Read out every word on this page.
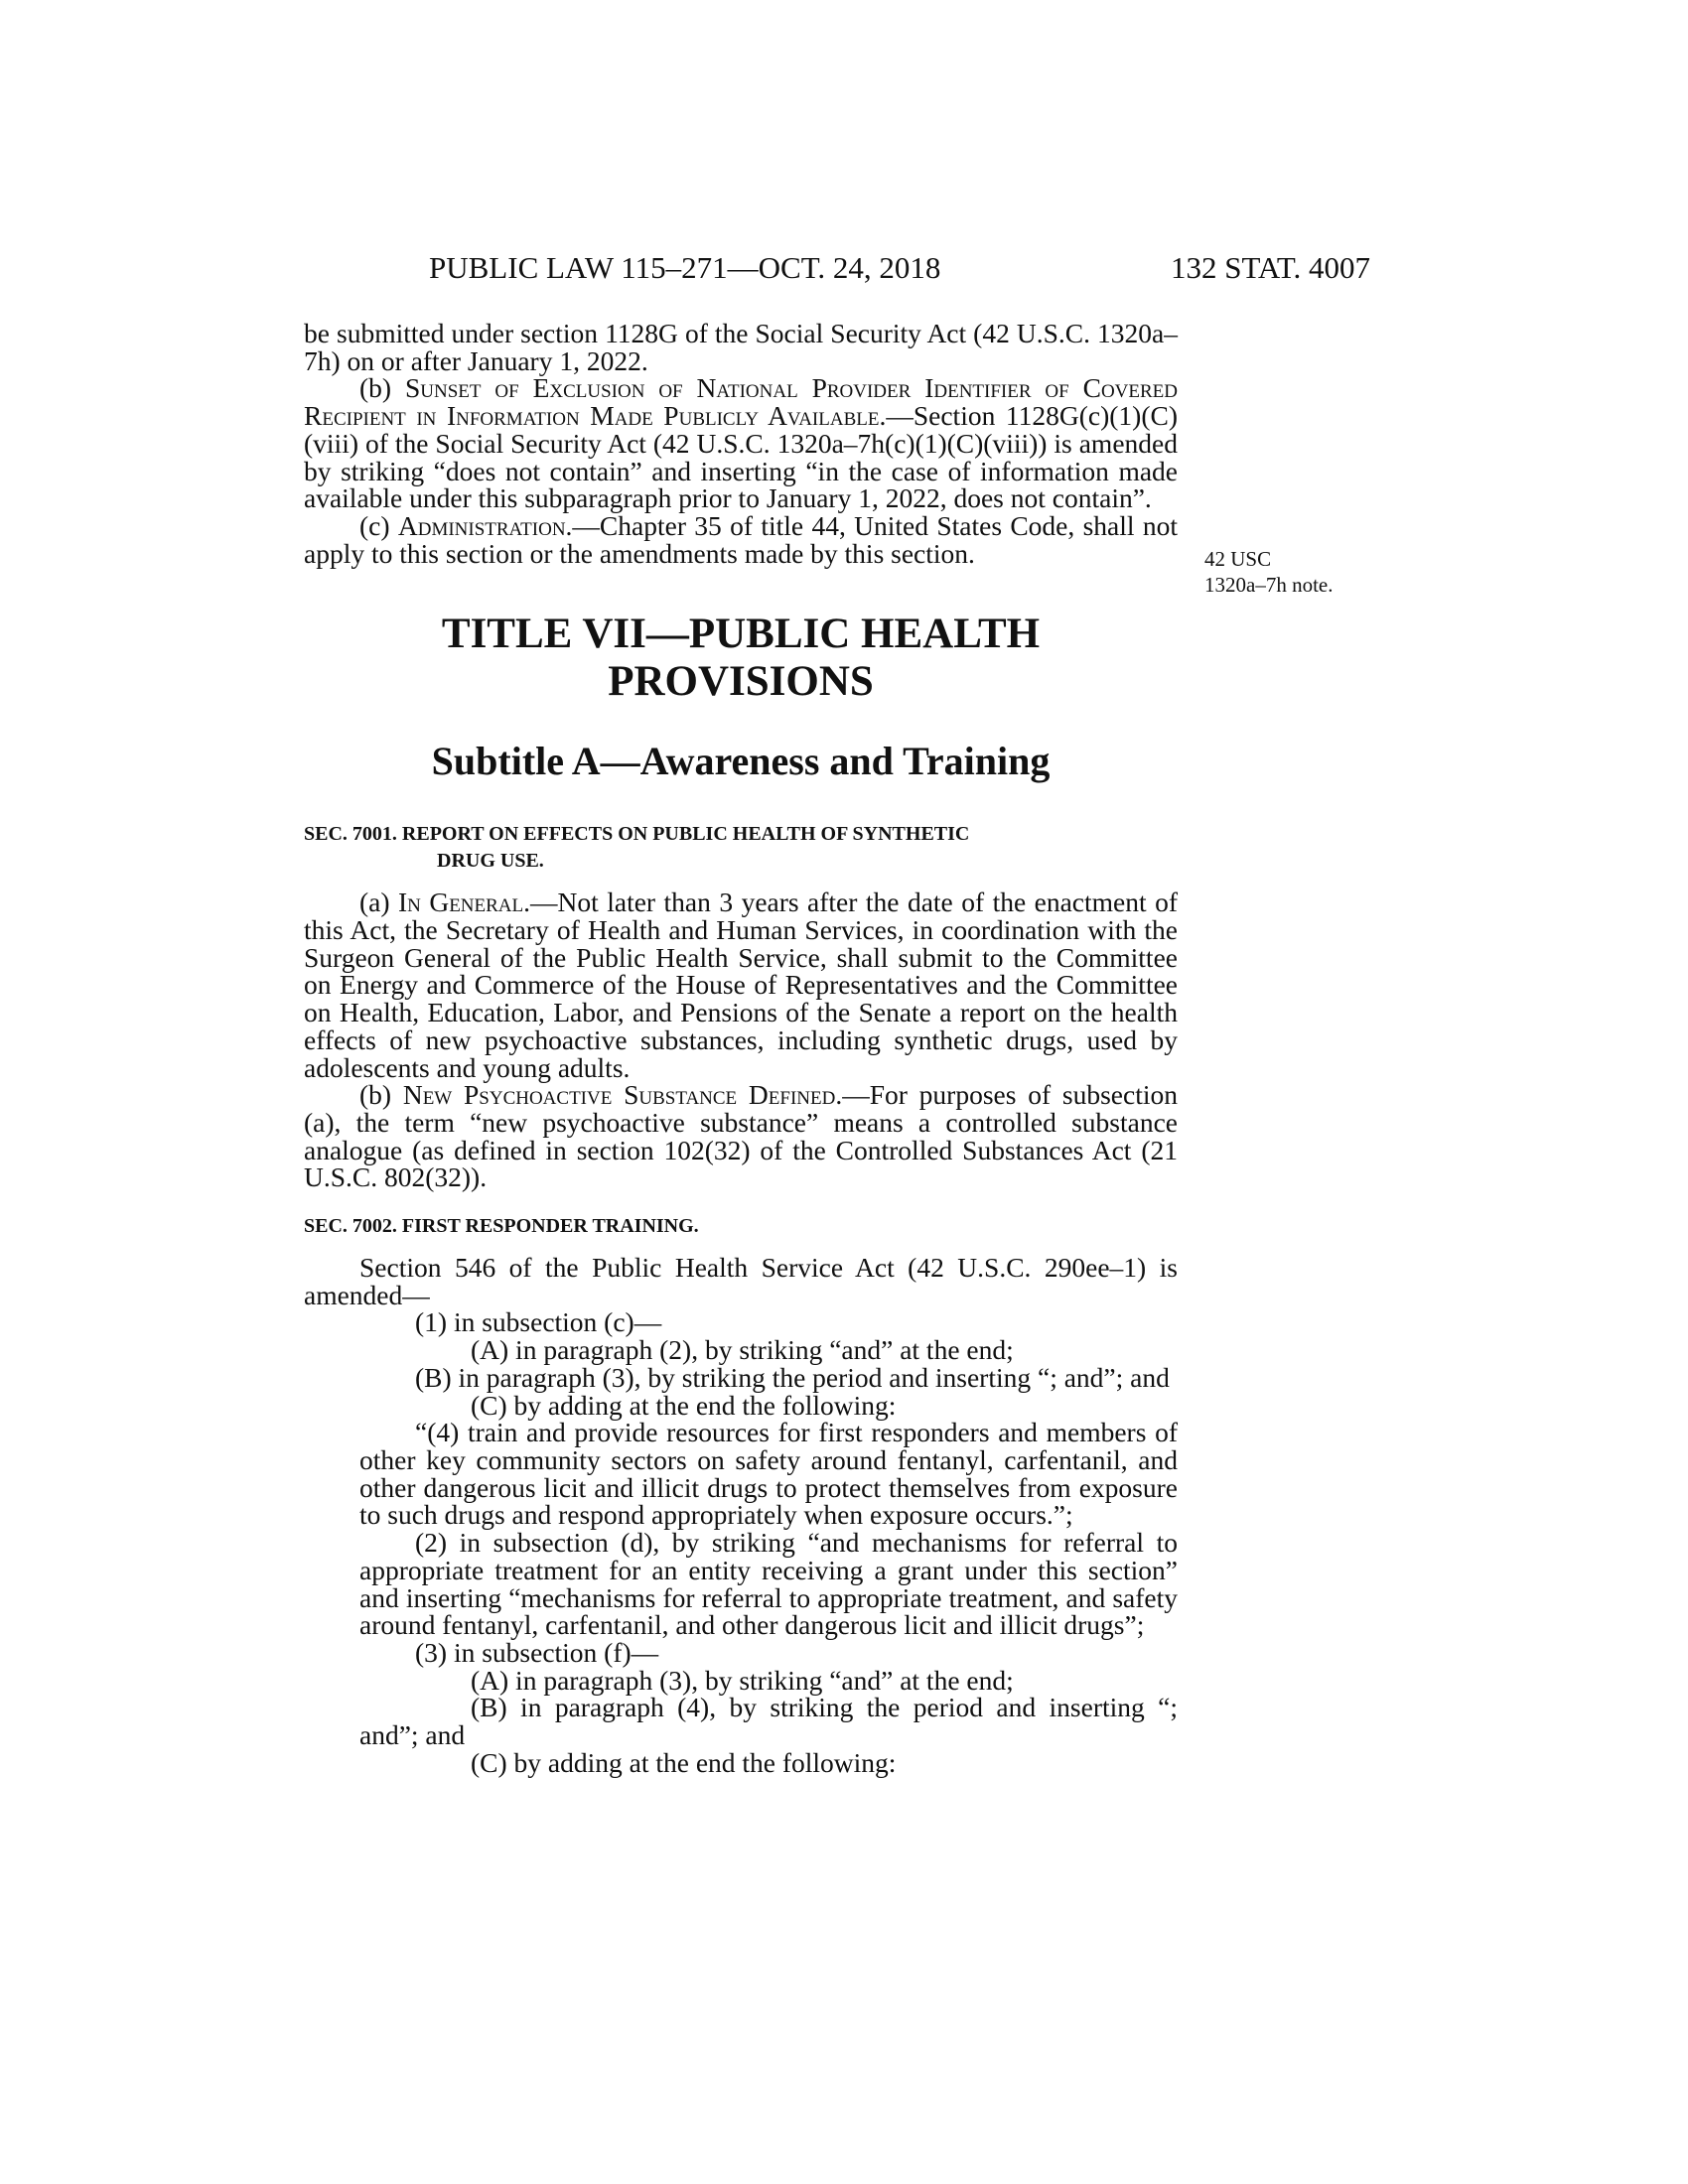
PUBLIC LAW 115–271—OCT. 24, 2018	132 STAT. 4007
42 USC
1320a–7h note.

be submitted under section 1128G of the Social Security Act (42 U.S.C. 1320a–7h) on or after January 1, 2022.

(b) Sunset of Exclusion of National Provider Identifier of Covered Recipient in Information Made Publicly Available.—Section 1128G(c)(1)(C)(viii) of the Social Security Act (42 U.S.C. 1320a–7h(c)(1)(C)(viii)) is amended by striking “does not contain” and inserting “in the case of information made available under this subparagraph prior to January 1, 2022, does not contain”.

(c) Administration.—Chapter 35 of title 44, United States Code, shall not apply to this section or the amendments made by this section.

TITLE VII—PUBLIC HEALTH
PROVISIONS
Subtitle A—Awareness and Training
SEC. 7001. REPORT ON EFFECTS ON PUBLIC HEALTH OF SYNTHETIC
DRUG USE.

(a) In General.—Not later than 3 years after the date of the enactment of this Act, the Secretary of Health and Human Services, in coordination with the Surgeon General of the Public Health Service, shall submit to the Committee on Energy and Commerce of the House of Representatives and the Committee on Health, Education, Labor, and Pensions of the Senate a report on the health effects of new psychoactive substances, including synthetic drugs, used by adolescents and young adults.

(b) New Psychoactive Substance Defined.—For purposes of subsection (a), the term “new psychoactive substance” means a controlled substance analogue (as defined in section 102(32) of the Controlled Substances Act (21 U.S.C. 802(32)).

SEC. 7002. FIRST RESPONDER TRAINING.

Section 546 of the Public Health Service Act (42 U.S.C. 290ee–1) is amended—

(1) in subsection (c)—

(A) in paragraph (2), by striking “and” at the end;

(B) in paragraph (3), by striking the period and inserting “; and”; and

(C) by adding at the end the following:

“(4) train and provide resources for first responders and members of other key community sectors on safety around fentanyl, carfentanil, and other dangerous licit and illicit drugs to protect themselves from exposure to such drugs and respond appropriately when exposure occurs.”;

(2) in subsection (d), by striking “and mechanisms for referral to appropriate treatment for an entity receiving a grant under this section” and inserting “mechanisms for referral to appropriate treatment, and safety around fentanyl, carfentanil, and other dangerous licit and illicit drugs”;

(3) in subsection (f)—

(A) in paragraph (3), by striking “and” at the end;

(B) in paragraph (4), by striking the period and inserting “; and”; and

(C) by adding at the end the following:
